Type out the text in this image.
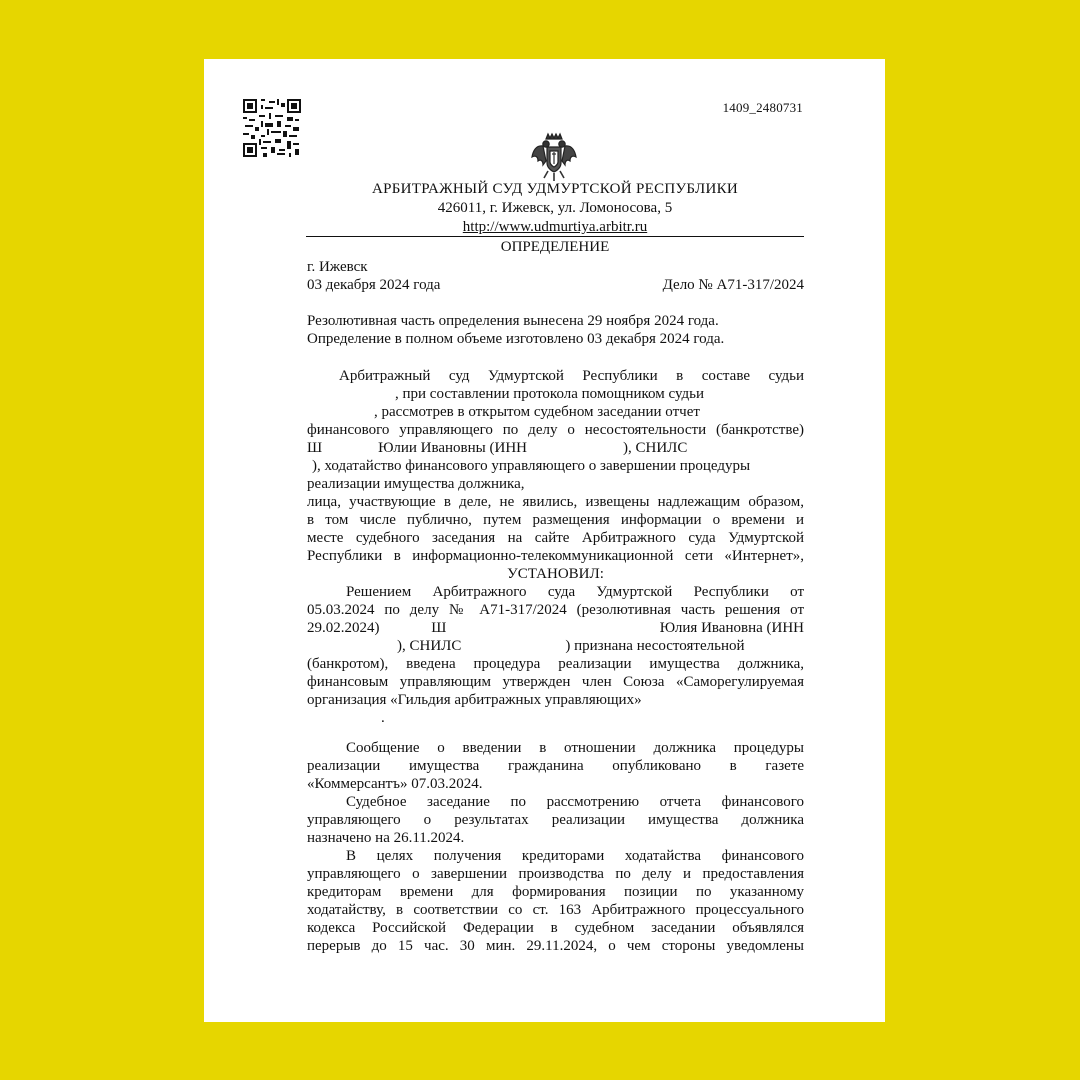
1409_2480731
АРБИТРАЖНЫЙ СУД УДМУРТСКОЙ РЕСПУБЛИКИ
426011, г. Ижевск, ул. Ломоносова, 5
http://www.udmurtiya.arbitr.ru
ОПРЕДЕЛЕНИЕ
г. Ижевск
03 декабря 2024 года	Дело № А71-317/2024
Резолютивная часть определения вынесена 29 ноября 2024 года.
Определение в полном объеме изготовлено 03 декабря 2024 года.
Арбитражный суд Удмуртской Республики в составе судьи
, при составлении протокола помощником судьи
, рассмотрев в открытом судебном заседании отчет
финансового управляющего по делу о несостоятельности (банкротстве)
Ш	Юлии Ивановны (ИНН	), СНИЛС
), ходатайство финансового управляющего о завершении процедуры
реализации имущества должника,
лица, участвующие в деле, не явились, извещены надлежащим образом,
в том числе публично, путем размещения информации о времени и
месте судебного заседания на сайте Арбитражного суда Удмуртской
Республики в информационно-телекоммуникационной сети «Интернет»,
УСТАНОВИЛ:
Решением Арбитражного суда Удмуртской Республики от
05.03.2024 по делу № А71-317/2024 (резолютивная часть решения от
29.02.2024)	Ш	Юлия Ивановна (ИНН
), СНИЛС	) признана несостоятельной
(банкротом), введена процедура реализации имущества должника,
финансовым управляющим утвержден член Союза «Саморегулируемая
организация «Гильдия арбитражных управляющих»
.
Сообщение о введении в отношении должника процедуры
реализации имущества гражданина опубликовано в газете
«Коммерсантъ» 07.03.2024.
Судебное заседание по рассмотрению отчета финансового
управляющего о результатах реализации имущества должника
назначено на 26.11.2024.
В целях получения кредиторами ходатайства финансового
управляющего о завершении производства по делу и предоставления
кредиторам времени для формирования позиции по указанному
ходатайству, в соответствии со ст. 163 Арбитражного процессуального
кодекса Российской Федерации в судебном заседании объявлялся
перерыв до 15 час. 30 мин. 29.11.2024, о чем стороны уведомлены
